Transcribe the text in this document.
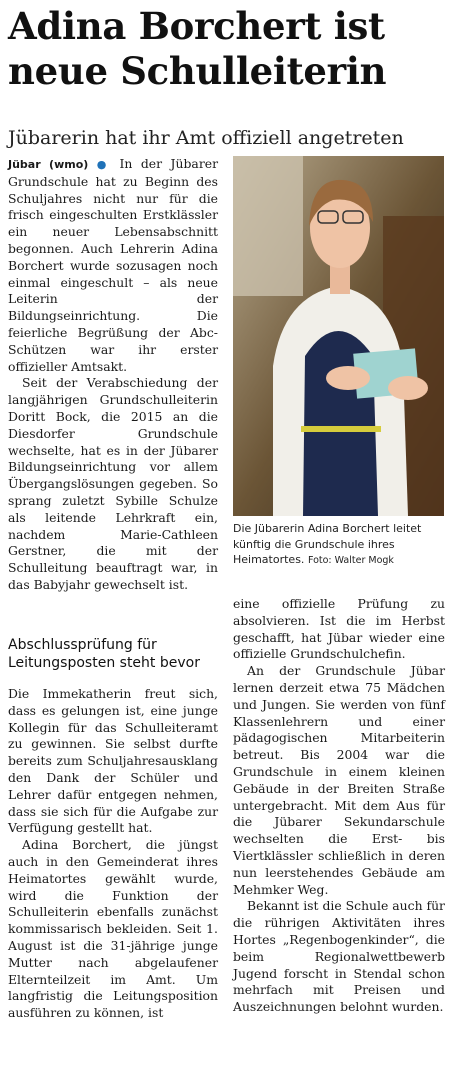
Adina Borchert ist neue Schulleiterin
Jübarerin hat ihr Amt offiziell angetreten

Jübar (wmo) ● In der Jübarer Grundschule hat zu Beginn des Schuljahres nicht nur für die frisch eingeschulten Erstklässler ein neuer Lebensabschnitt begonnen. Auch Lehrerin Adina Borchert wurde sozusagen noch einmal eingeschult – als neue Leiterin der Bildungseinrichtung. Die feierliche Begrüßung der Abc-Schützen war ihr erster offizieller Amtsakt.

Seit der Verabschiedung der langjährigen Grundschulleiterin Doritt Bock, die 2015 an die Diesdorfer Grundschule wechselte, hat es in der Jübarer Bildungseinrichtung vor allem Übergangslösungen gegeben. So sprang zuletzt Sybille Schulze als leitende Lehrkraft ein, nachdem Marie-Cathleen Gerstner, die mit der Schulleitung beauftragt war, in das Babyjahr gewechselt ist.

Abschlussprüfung für Leitungsposten steht bevor

Die Immekatherin freut sich, dass es gelungen ist, eine junge Kollegin für das Schulleiteramt zu gewinnen. Sie selbst durfte bereits zum Schuljahresausklang den Dank der Schüler und Lehrer dafür entgegen nehmen, dass sie sich für die Aufgabe zur Verfügung gestellt hat.

Adina Borchert, die jüngst auch in den Gemeinderat ihres Heimatortes gewählt wurde, wird die Funktion der Schulleiterin ebenfalls zunächst kommissarisch bekleiden. Seit 1. August ist die 31-jährige junge Mutter nach abgelaufener Elternteilzeit im Amt. Um langfristig die Leitungsposition ausführen zu können, ist

Die Jübarerin Adina Borchert leitet künftig die Grundschule ihres Heimatortes. Foto: Walter Mogk

eine offizielle Prüfung zu absolvieren. Ist die im Herbst geschafft, hat Jübar wieder eine offizielle Grundschulchefin.

An der Grundschule Jübar lernen derzeit etwa 75 Mädchen und Jungen. Sie werden von fünf Klassenlehrern und einer pädagogischen Mitarbeiterin betreut. Bis 2004 war die Grundschule in einem kleinen Gebäude in der Breiten Straße untergebracht. Mit dem Aus für die Jübarer Sekundarschule wechselten die Erst- bis Viertklässler schließlich in deren nun leerstehendes Gebäude am Mehmker Weg.

Bekannt ist die Schule auch für die rührigen Aktivitäten ihres Hortes „Regenbogenkinder“, die beim Regionalwettbewerb Jugend forscht in Stendal schon mehrfach mit Preisen und Auszeichnungen belohnt wurden.
